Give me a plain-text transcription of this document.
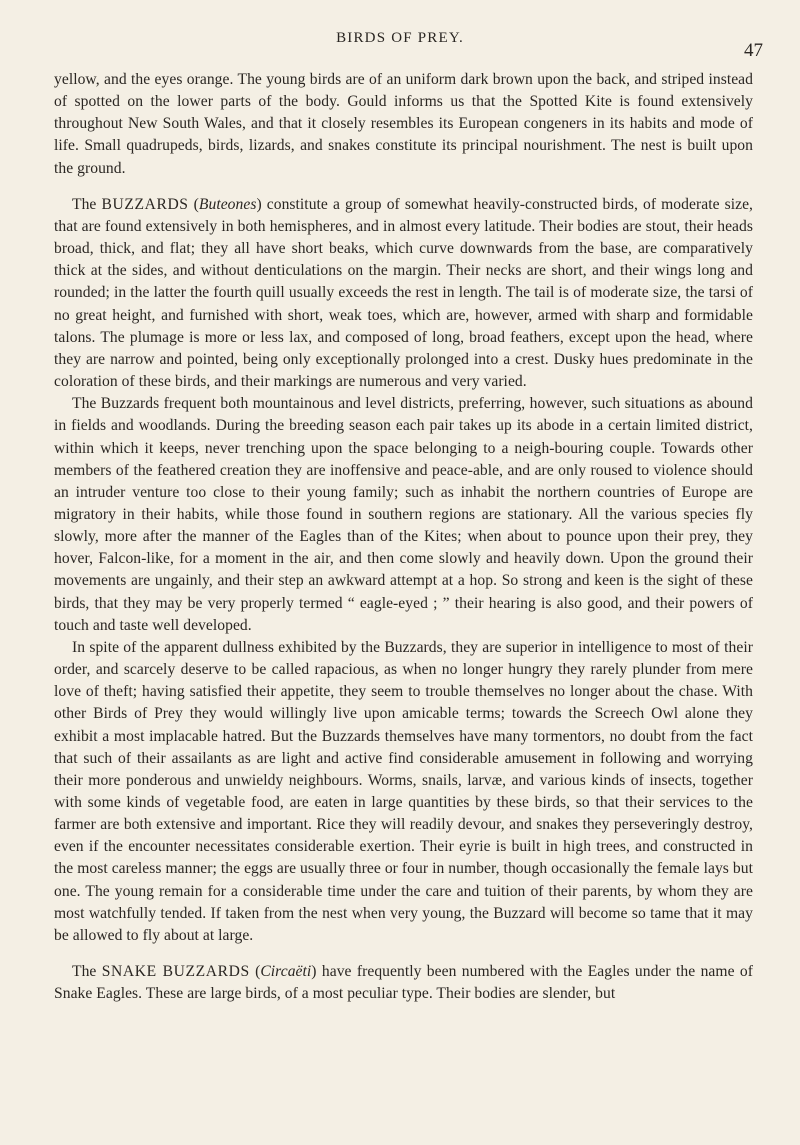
BIRDS OF PREY.
47

yellow, and the eyes orange. The young birds are of an uniform dark brown upon the back, and striped instead of spotted on the lower parts of the body. Gould informs us that the Spotted Kite is found extensively throughout New South Wales, and that it closely resembles its European congeners in its habits and mode of life. Small quadrupeds, birds, lizards, and snakes constitute its principal nourishment. The nest is built upon the ground.

The BUZZARDS (Buteones) constitute a group of somewhat heavily-constructed birds, of moderate size, that are found extensively in both hemispheres, and in almost every latitude. Their bodies are stout, their heads broad, thick, and flat; they all have short beaks, which curve downwards from the base, are comparatively thick at the sides, and without denticulations on the margin. Their necks are short, and their wings long and rounded; in the latter the fourth quill usually exceeds the rest in length. The tail is of moderate size, the tarsi of no great height, and furnished with short, weak toes, which are, however, armed with sharp and formidable talons. The plumage is more or less lax, and composed of long, broad feathers, except upon the head, where they are narrow and pointed, being only exceptionally prolonged into a crest. Dusky hues predominate in the coloration of these birds, and their markings are numerous and very varied.

The Buzzards frequent both mountainous and level districts, preferring, however, such situations as abound in fields and woodlands. During the breeding season each pair takes up its abode in a certain limited district, within which it keeps, never trenching upon the space belonging to a neigh-bouring couple. Towards other members of the feathered creation they are inoffensive and peace-able, and are only roused to violence should an intruder venture too close to their young family; such as inhabit the northern countries of Europe are migratory in their habits, while those found in southern regions are stationary. All the various species fly slowly, more after the manner of the Eagles than of the Kites; when about to pounce upon their prey, they hover, Falcon-like, for a moment in the air, and then come slowly and heavily down. Upon the ground their movements are ungainly, and their step an awkward attempt at a hop. So strong and keen is the sight of these birds, that they may be very properly termed “ eagle-eyed ; ” their hearing is also good, and their powers of touch and taste well developed.

In spite of the apparent dullness exhibited by the Buzzards, they are superior in intelligence to most of their order, and scarcely deserve to be called rapacious, as when no longer hungry they rarely plunder from mere love of theft; having satisfied their appetite, they seem to trouble themselves no longer about the chase. With other Birds of Prey they would willingly live upon amicable terms; towards the Screech Owl alone they exhibit a most implacable hatred. But the Buzzards themselves have many tormentors, no doubt from the fact that such of their assailants as are light and active find considerable amusement in following and worrying their more ponderous and unwieldy neighbours. Worms, snails, larvæ, and various kinds of insects, together with some kinds of vegetable food, are eaten in large quantities by these birds, so that their services to the farmer are both extensive and important. Rice they will readily devour, and snakes they perseveringly destroy, even if the encounter necessitates considerable exertion. Their eyrie is built in high trees, and constructed in the most careless manner; the eggs are usually three or four in number, though occasionally the female lays but one. The young remain for a considerable time under the care and tuition of their parents, by whom they are most watchfully tended. If taken from the nest when very young, the Buzzard will become so tame that it may be allowed to fly about at large.

The SNAKE BUZZARDS (Circaëti) have frequently been numbered with the Eagles under the name of Snake Eagles. These are large birds, of a most peculiar type. Their bodies are slender, but
